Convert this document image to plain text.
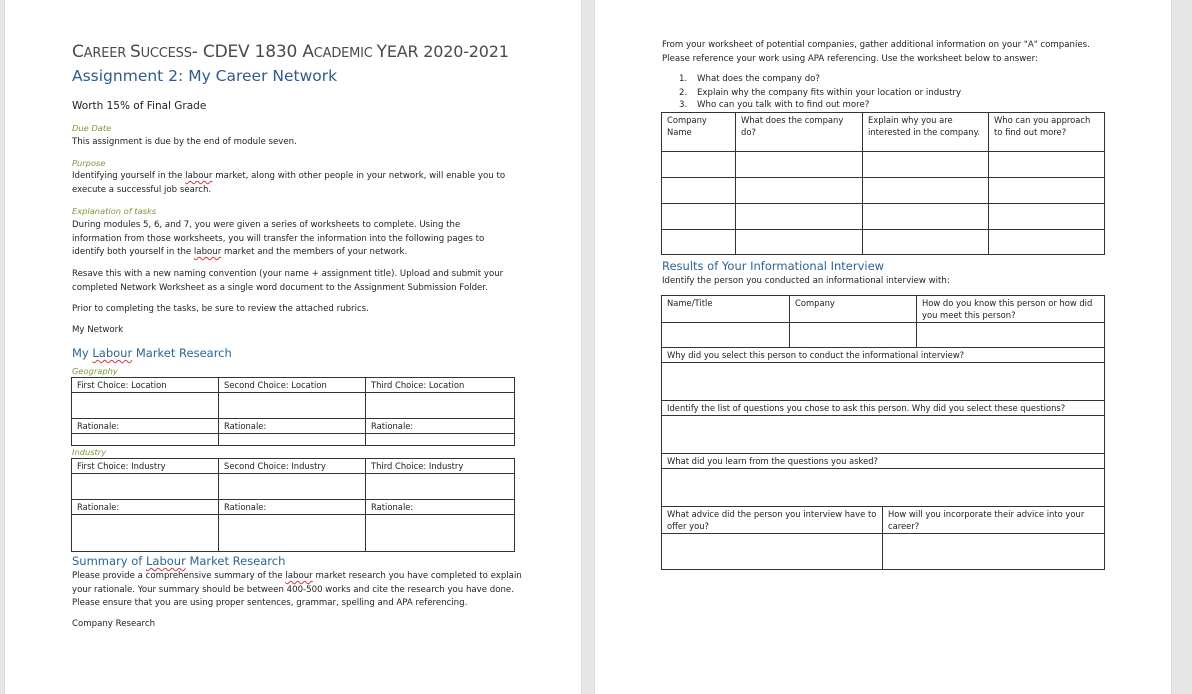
CAREER SUCCESS- CDEV 1830 ACADEMIC YEAR 2020-2021
Assignment 2: My Career Network
Worth 15% of Final Grade
Due Date
This assignment is due by the end of module seven.
Purpose
Identifying yourself in the labour market, along with other people in your network, will enable you to execute a successful job search.
Explanation of tasks
During modules 5, 6, and 7, you were given a series of worksheets to complete. Using the information from those worksheets, you will transfer the information into the following pages to identify both yourself in the labour market and the members of your network.
Resave this with a new naming convention (your name + assignment title). Upload and submit your completed Network Worksheet as a single word document to the Assignment Submission Folder.
Prior to completing the tasks, be sure to review the attached rubrics.
My Network
My Labour Market Research
Geography
First Choice: Location	Second Choice: Location	Third Choice: Location

Rationale:	Rationale:	Rationale:

Industry
First Choice: Industry	Second Choice: Industry	Third Choice: Industry

Rationale:	Rationale:	Rationale:

Summary of Labour Market Research
Please provide a comprehensive summary of the labour market research you have completed to explain your rationale. Your summary should be between 400-500 works and cite the research you have done. Please ensure that you are using proper sentences, grammar, spelling and APA referencing.
Company Research
From your worksheet of potential companies, gather additional information on your "A" companies. Please reference your work using APA referencing. Use the worksheet below to answer:
1. What does the company do?
2. Explain why the company fits within your location or industry
3. Who can you talk with to find out more?
Company Name	What does the company do?	Explain why you are interested in the company.	Who can you approach to find out more?

Results of Your Informational Interview
Identify the person you conducted an informational interview with:
Name/Title	Company	How do you know this person or how did you meet this person?

Why did you select this person to conduct the informational interview?	

Identify the list of questions you chose to ask this person. Why did you select these questions?	

What did you learn from the questions you asked?	

What advice did the person you interview have to offer you?	How will you incorporate their advice into your career?
